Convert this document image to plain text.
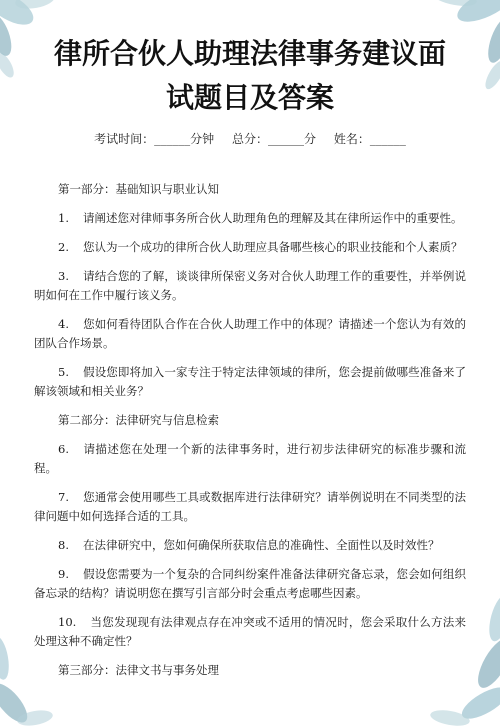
律所合伙人助理法律事务建议面
试题目及答案
考试时间：______分钟 总分：______分 姓名：______
第一部分：基础知识与职业认知
1. 请阐述您对律师事务所合伙人助理角色的理解及其在律所运作中的重要性。
2. 您认为一个成功的律所合伙人助理应具备哪些核心的职业技能和个人素质？
3. 请结合您的了解，谈谈律所保密义务对合伙人助理工作的重要性，并举例说明如何在工作中履行该义务。
4. 您如何看待团队合作在合伙人助理工作中的体现？请描述一个您认为有效的团队合作场景。
5. 假设您即将加入一家专注于特定法律领域的律所，您会提前做哪些准备来了解该领域和相关业务？
第二部分：法律研究与信息检索
6. 请描述您在处理一个新的法律事务时，进行初步法律研究的标准步骤和流程。
7. 您通常会使用哪些工具或数据库进行法律研究？请举例说明在不同类型的法律问题中如何选择合适的工具。
8. 在法律研究中，您如何确保所获取信息的准确性、全面性以及时效性？
9. 假设您需要为一个复杂的合同纠纷案件准备法律研究备忘录，您会如何组织备忘录的结构？请说明您在撰写引言部分时会重点考虑哪些因素。
10. 当您发现现有法律观点存在冲突或不适用的情况时，您会采取什么方法来处理这种不确定性？
第三部分：法律文书与事务处理
